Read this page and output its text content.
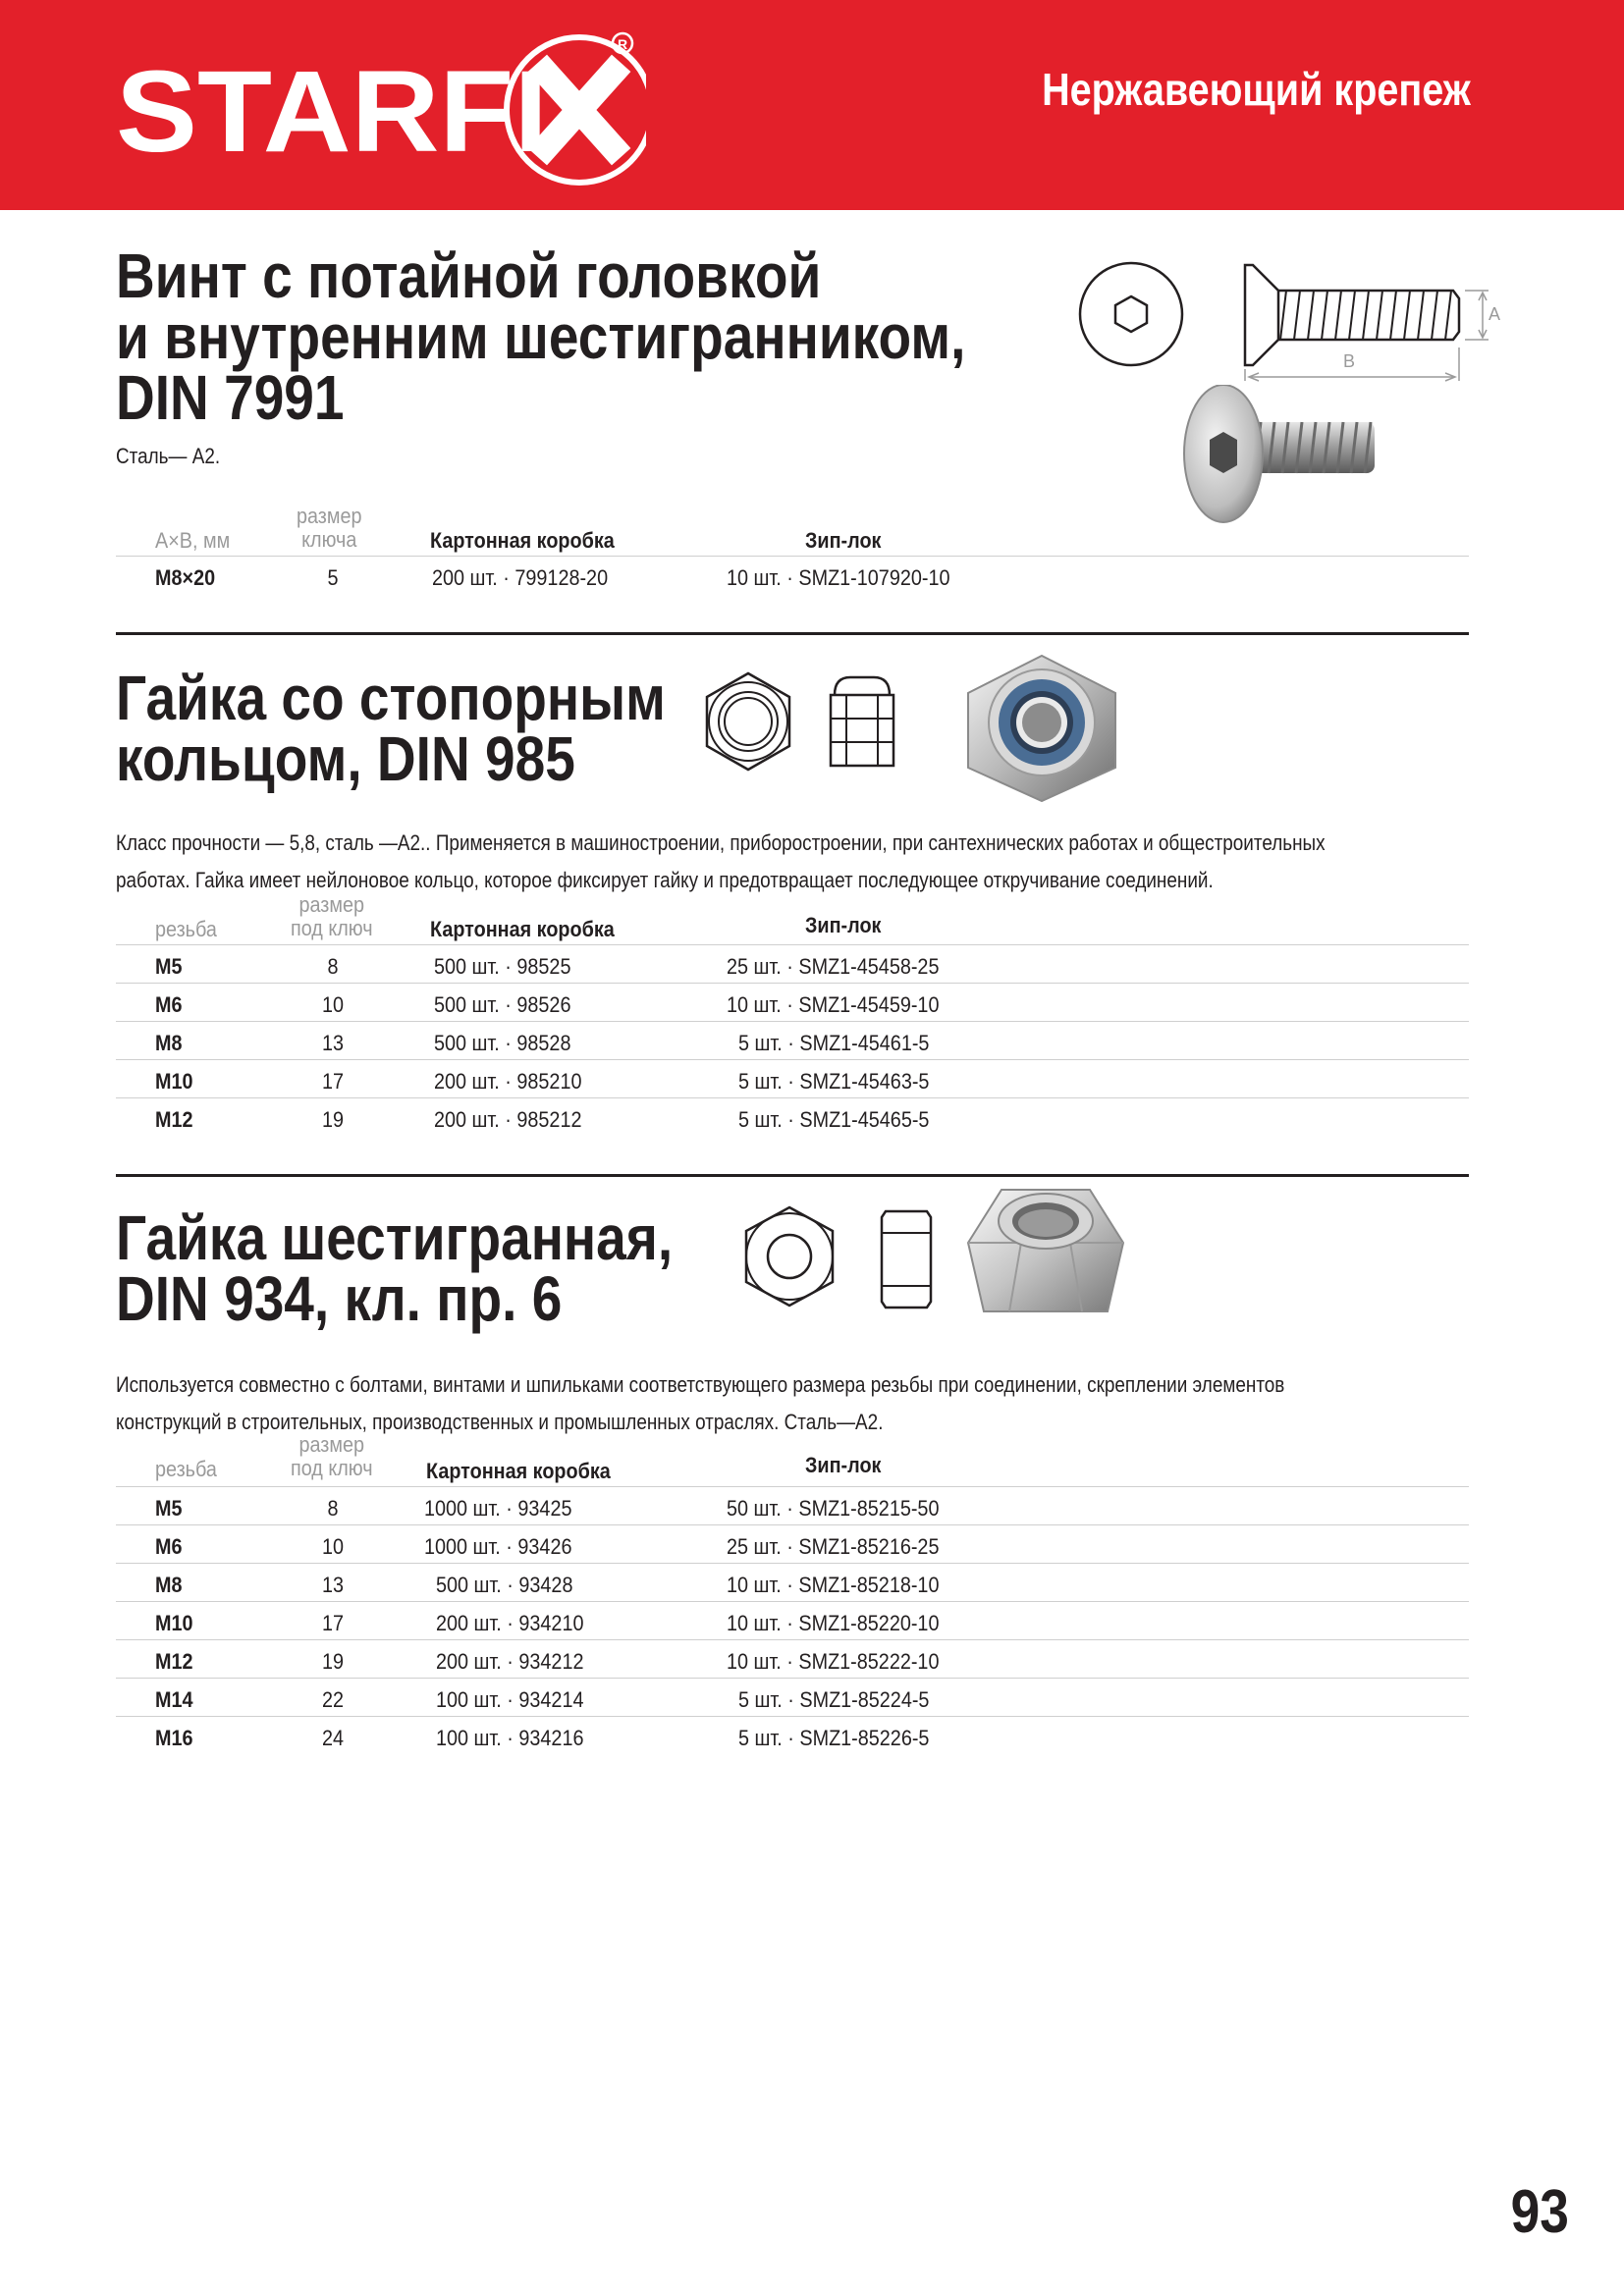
STARFI
R
Нержавеющий крепеж
Винт с потайной головкой
и внутренним шестигранником,
DIN 7991
Сталь— А2.
A
B
A×B, мм
размер
ключа	Картонная коробка	Зип-лок
M8×20	5	200 шт. · 799128-20	10 шт. · SMZ1-107920-10
Гайка со стопорным
кольцом, DIN 985
Класс прочности — 5,8, сталь —А2.. Применяется в машиностроении, приборостроении, при сантехнических работах и общестроительных
работах. Гайка имеет нейлоновое кольцо, которое фиксирует гайку и предотвращает последующее откручивание соединений.
резьба
размер
под ключ	Картонная коробка	Зип-лок
M5	8	500 шт. · 98525	25 шт. · SMZ1-45458-25
M6	10	500 шт. · 98526	10 шт. · SMZ1-45459-10
M8	13	500 шт. · 98528	5 шт. · SMZ1-45461-5
M10	17	200 шт. · 985210	5 шт. · SMZ1-45463-5
M12	19	200 шт. · 985212	5 шт. · SMZ1-45465-5
Гайка шестигранная,
DIN 934, кл. пр. 6
Используется совместно с болтами, винтами и шпильками соответствующего размера резьбы при соединении, скреплении элементов
конструкций в строительных, производственных и промышленных отраслях. Сталь—А2.
резьба
размер
под ключ Картонная коробка	Зип-лок
M5	8	1000 шт. · 93425	50 шт. · SMZ1-85215-50
M6	10	1000 шт. · 93426	25 шт. · SMZ1-85216-25
M8	13	500 шт. · 93428	10 шт. · SMZ1-85218-10
M10	17	200 шт. · 934210	10 шт. · SMZ1-85220-10
M12	19	200 шт. · 934212	10 шт. · SMZ1-85222-10
M14	22	100 шт. · 934214	5 шт. · SMZ1-85224-5
M16	24	100 шт. · 934216	5 шт. · SMZ1-85226-5
93
